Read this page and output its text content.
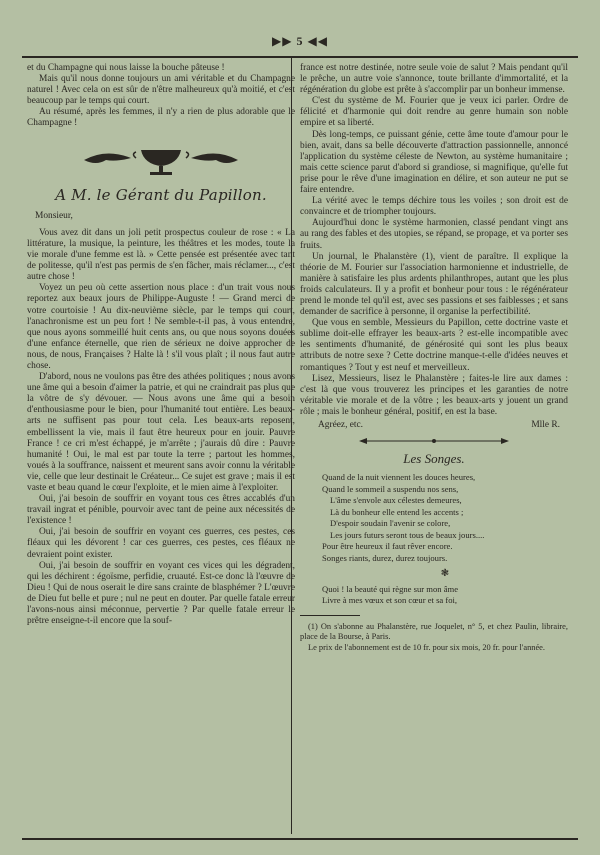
▶▶ 5 ◀◀

et du Champagne qui nous laisse la bouche pâteuse !

Mais qu'il nous donne toujours un ami véritable et du Champagne naturel ! Avec cela on est sûr de n'être malheureux qu'à moitié, et c'est beaucoup par le temps qui court.

Au résumé, après les femmes, il n'y a rien de plus adorable que le Champagne !

A M. le Gérant du Papillon.
Monsieur,

Vous avez dit dans un joli petit prospectus couleur de rose : « La littérature, la musique, la peinture, les théâtres et les modes, toute la vie morale d'une femme est là. » Cette pensée est présentée avec tant de politesse, qu'il n'est pas permis de s'en fâcher, mais réclamer..., c'est autre chose !

Voyez un peu où cette assertion nous place : d'un trait vous nous reportez aux beaux jours de Philippe-Auguste ! — Grand merci de votre courtoisie ! Au dix-neuvième siècle, par le temps qui court, l'anachronisme est un peu fort ! Ne semble-t-il pas, à vous entendre, que nous ayons sommeillé huit cents ans, ou que nous soyons douées d'une enfance éternelle, que rien de sérieux ne doive approcher de nous, de nous, Françaises ? Halte là ! s'il vous plaît ; il nous faut autre chose.

D'abord, nous ne voulons pas être des athées politiques ; nous avons une âme qui a besoin d'aimer la patrie, et qui ne craindrait pas plus que la vôtre de s'y dévouer. — Nous avons une âme qui a besoin d'enthousiasme pour le bien, pour l'humanité tout entière. Les beaux-arts ne suffisent pas pour tout cela. Les beaux-arts reposent, embellissent la vie, mais il faut être heureux pour en jouir. Pauvre France ! ce cri m'est échappé, je m'arrête ; j'aurais dû dire : Pauvre humanité ! Oui, le mal est par toute la terre ; partout les hommes, voués à la souffrance, naissent et meurent sans avoir connu la véritable vie, celle que leur destinait le Créateur... Ce sujet est grave ; mais il est vaste et beau quand le cœur l'exploite, et le mien aime à l'exploiter.

Oui, j'ai besoin de souffrir en voyant tous ces êtres accablés d'un travail ingrat et pénible, pourvoir avec tant de peine aux nécessités de l'existence !

Oui, j'ai besoin de souffrir en voyant ces guerres, ces pestes, ces fléaux qui les dévorent ! car ces guerres, ces pestes, ces fléaux ne devraient point exister.

Oui, j'ai besoin de souffrir en voyant ces vices qui les dégradent, qui les déchirent : égoïsme, perfidie, cruauté. Est-ce donc là l'œuvre de Dieu ! Qui de nous oserait le dire sans crainte de blasphémer ? L'œuvre de Dieu fut belle et pure ; nul ne peut en douter. Par quelle fatale erreur l'avons-nous ainsi méconnue, pervertie ? Par quelle fatale erreur le prêtre enseigne-t-il encore que la souf-

france est notre destinée, notre seule voie de salut ? Mais pendant qu'il le prêche, un autre voie s'annonce, toute brillante d'immortalité, et la régénération du globe est prête à s'accomplir par un bonheur immense.

C'est du système de M. Fourier que je veux ici parler. Ordre de félicité et d'harmonie qui doit rendre au genre humain son noble empire et sa liberté.

Dès long-temps, ce puissant génie, cette âme toute d'amour pour le bien, avait, dans sa belle découverte d'attraction passionnelle, annoncé l'application du système céleste de Newton, au système humanitaire ; mais cette science parut d'abord si grandiose, si magnifique, qu'elle fut prise pour le rêve d'une imagination en délire, et son auteur ne put se faire entendre.

La vérité avec le temps déchire tous les voiles ; son droit est de convaincre et de triompher toujours.

Aujourd'hui donc le système harmonien, classé pendant vingt ans au rang des fables et des utopies, se répand, se propage, et va porter ses fruits.

Un journal, le Phalanstère (1), vient de paraître. Il explique la théorie de M. Fourier sur l'association harmonienne et industrielle, de manière à satisfaire les plus ardents philanthropes, autant que les plus froids calculateurs. Il y a profit et bonheur pour tous : le régénérateur prend le monde tel qu'il est, avec ses passions et ses faiblesses ; et sans demander de sacrifice à personne, il organise la perfectibilité.

Que vous en semble, Messieurs du Papillon, cette doctrine vaste et sublime doit-elle effrayer les beaux-arts ? est-elle incompatible avec les sentiments d'humanité, de générosité qui sont les plus beaux attributs de notre sexe ? Cette doctrine manque-t-elle d'idées neuves et romantiques ? Tout y est neuf et merveilleux.

Lisez, Messieurs, lisez le Phalanstère ; faites-le lire aux dames : c'est là que vous trouverez les principes et les garanties de notre véritable vie morale et de la vôtre ; les beaux-arts y jouent un grand rôle ; mais le bonheur général, positif, en est la base.

Agréez, etc.	Mlle R.
Les Songes.
Quand de la nuit viennent les douces heures,
Quand le sommeil a suspendu nos sens,
L'âme s'envole aux célestes demeures,
Là du bonheur elle entend les accents ;
D'espoir soudain l'avenir se colore,
Les jours futurs seront tous de beaux jours....
Pour être heureux il faut rêver encore.
Songes riants, durez, durez toujours.
❃
Quoi ! la beauté qui règne sur mon âme
Livre à mes vœux et son cœur et sa foi,

(1) On s'abonne au Phalanstère, rue Joquelet, n° 5, et chez Paulin, libraire, place de la Bourse, à Paris.

Le prix de l'abonnement est de 10 fr. pour six mois, 20 fr. pour l'année.
